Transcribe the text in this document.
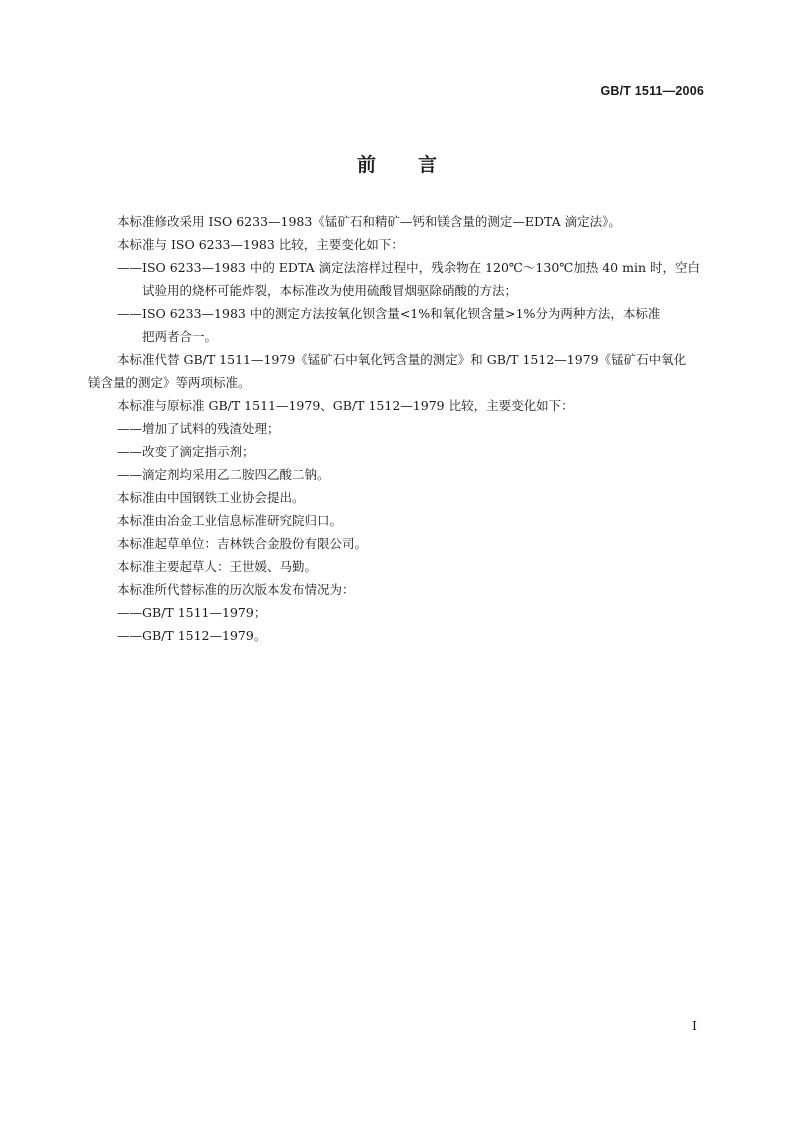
GB/T 1511—2006
前 言
本标准修改采用 ISO 6233—1983《锰矿石和精矿—钙和镁含量的测定—EDTA 滴定法》。
本标准与 ISO 6233—1983 比较，主要变化如下：
——ISO 6233—1983 中的 EDTA 滴定法溶样过程中，残余物在 120℃～130℃加热 40 min 时，空白
试验用的烧杯可能炸裂，本标准改为使用硫酸冒烟驱除硝酸的方法；
——ISO 6233—1983 中的测定方法按氧化钡含量<1%和氧化钡含量>1%分为两种方法，本标准
把两者合一。
本标准代替 GB/T 1511—1979《锰矿石中氧化钙含量的测定》和 GB/T 1512—1979《锰矿石中氧化
镁含量的测定》等两项标准。
本标准与原标准 GB/T 1511—1979、GB/T 1512—1979 比较，主要变化如下：
——增加了试料的残渣处理；
——改变了滴定指示剂；
——滴定剂均采用乙二胺四乙酸二钠。
本标准由中国钢铁工业协会提出。
本标准由冶金工业信息标准研究院归口。
本标准起草单位：吉林铁合金股份有限公司。
本标准主要起草人：王世媛、马勤。
本标准所代替标准的历次版本发布情况为：
——GB/T 1511—1979；
——GB/T 1512—1979。
I
